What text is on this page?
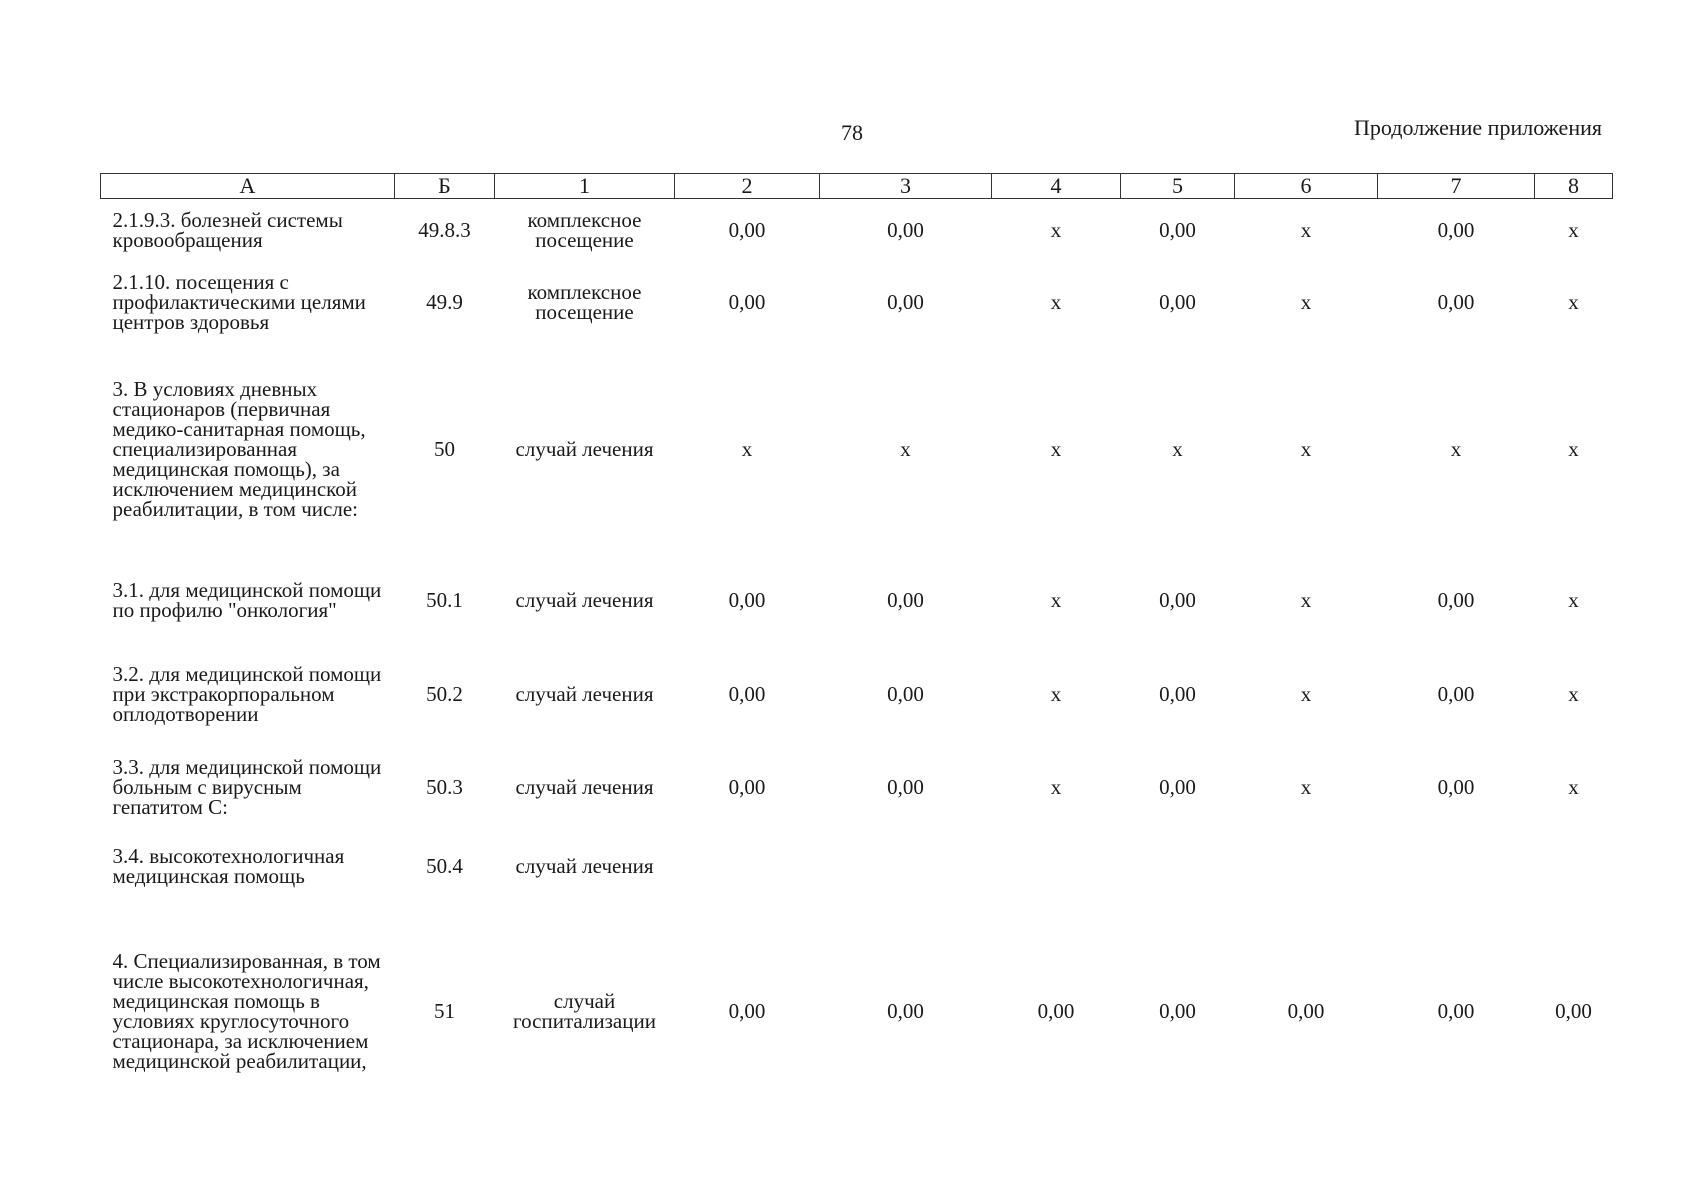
78	Продолжение приложения
А	Б	1	2	3	4	5	6	7	8
2.1.9.3. болезней системы кровообращения	49.8.3	комплексное посещение	0,00	0,00	x	0,00	x	0,00	x
2.1.10. посещения с профилактическими целями центров здоровья	49.9	комплексное посещение	0,00	0,00	x	0,00	x	0,00	x
3. В условиях дневных стационаров (первичная медико-санитарная помощь, специализированная медицинская помощь), за исключением медицинской реабилитации, в том числе:	50	случай лечения	x	x	x	x	x	x	x
3.1. для медицинской помощи по профилю "онкология"	50.1	случай лечения	0,00	0,00	x	0,00	x	0,00	x
3.2. для медицинской помощи при экстракорпоральном оплодотворении	50.2	случай лечения	0,00	0,00	x	0,00	x	0,00	x
3.3. для медицинской помощи больным с вирусным гепатитом С:	50.3	случай лечения	0,00	0,00	x	0,00	x	0,00	x
3.4. высокотехнологичная медицинская помощь	50.4	случай лечения							
4. Специализированная, в том числе высокотехнологичная, медицинская помощь в условиях круглосуточного стационара, за исключением медицинской реабилитации,	51	случай госпитализации	0,00	0,00	0,00	0,00	0,00	0,00	0,00
